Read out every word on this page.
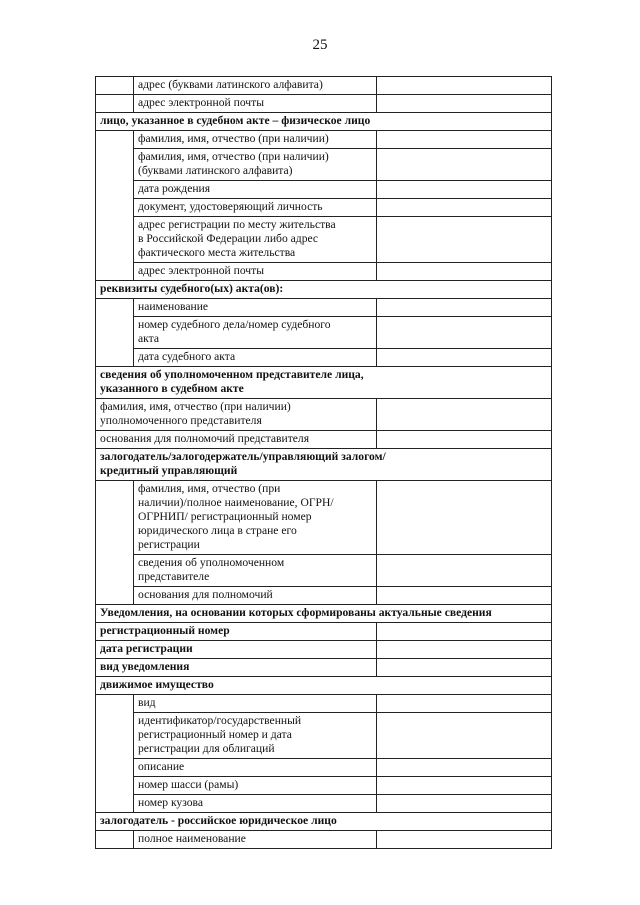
25
	адрес (буквами латинского алфавита)	
	адрес электронной почты	
лицо, указанное в судебном акте – физическое лицо		
	фамилия, имя, отчество (при наличии)	
	фамилия, имя, отчество (при наличии)
(буквами латинского алфавита)	
	дата рождения	
	документ, удостоверяющий личность	
	адрес регистрации по месту жительства
в Российской Федерации либо адрес
фактического места жительства	
	адрес электронной почты	
реквизиты судебного(ых) акта(ов):		
	наименование	
	номер судебного дела/номер судебного
акта	
	дата судебного акта	
сведения об уполномоченном представителе лица,
указанного в судебном акте		
фамилия, имя, отчество (при наличии)
уполномоченного представителя		
основания для полномочий представителя		
залогодатель/залогодержатель/управляющий залогом/
кредитный управляющий		
	фамилия, имя, отчество (при
наличии)/полное наименование, ОГРН/
ОГРНИП/ регистрационный номер
юридического лица в стране его
регистрации	
	сведения об уполномоченном
представителе	
	основания для полномочий	
Уведомления, на основании которых сформированы актуальные сведения		
регистрационный номер		
дата регистрации		
вид уведомления		
движимое имущество		
	вид	
	идентификатор/государственный
регистрационный номер и дата
регистрации для облигаций	
	описание	
	номер шасси (рамы)	
	номер кузова	
залогодатель - российское юридическое лицо		
	полное наименование	
